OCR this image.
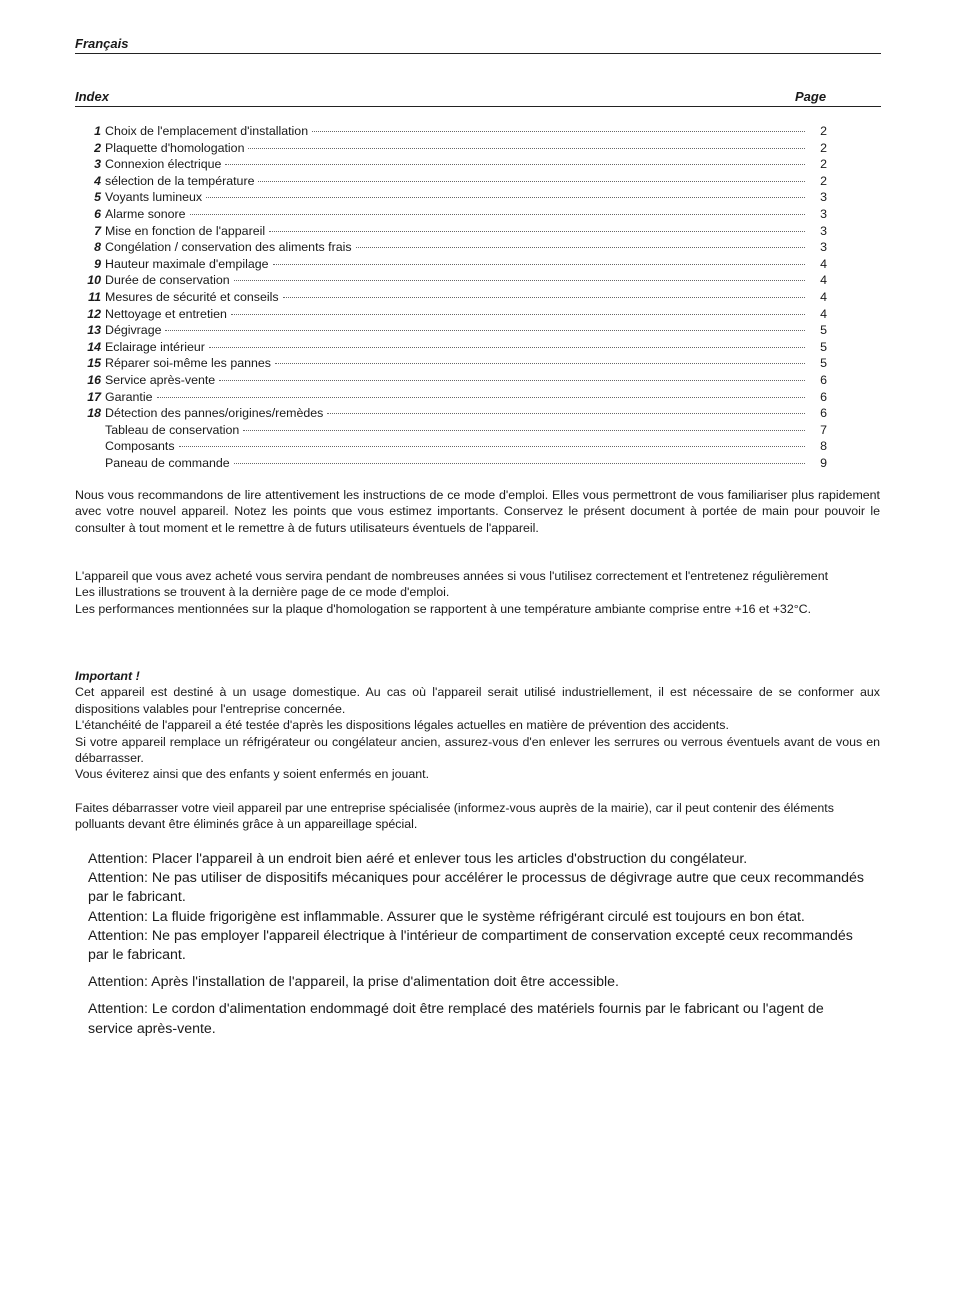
Français
Index	Page
1 Choix de l'emplacement d'installation	2
2 Plaquette d'homologation	2
3 Connexion électrique	2
4 sélection de la température	2
5 Voyants lumineux	3
6 Alarme sonore	3
7 Mise en fonction de l'appareil	3
8 Congélation / conservation des aliments frais	3
9 Hauteur maximale d'empilage	4
10 Durée de conservation	4
11 Mesures de sécurité et conseils	4
12 Nettoyage et entretien	4
13 Dégivrage	5
14 Eclairage intérieur	5
15 Réparer soi-même les pannes	5
16 Service après-vente	6
17 Garantie	6
18 Détection des pannes/origines/remèdes	6
Tableau de conservation	7
Composants	8
Paneau de commande	9

Nous vous recommandons de lire attentivement les instructions de ce mode d'emploi. Elles vous permettront de vous familiariser plus rapidement avec votre nouvel appareil. Notez les points que vous estimez importants. Conservez le présent document à portée de main pour pouvoir le consulter à tout moment et le remettre à de futurs utilisateurs éventuels de l'appareil.

L'appareil que vous avez acheté vous servira pendant de nombreuses années si vous l'utilisez correctement et l'entretenez régulièrement

Les illustrations se trouvent à la dernière page de ce mode d'emploi.

Les performances mentionnées sur la plaque d'homologation se rapportent à une température ambiante comprise entre +16 et +32°C.

Important !

Cet appareil est destiné à un usage domestique. Au cas où l'appareil serait utilisé industriellement, il est nécessaire de se conformer aux dispositions valables pour l'entreprise concernée.

L'étanchéité de l'appareil a été testée d'après les dispositions légales actuelles en matière de prévention des accidents.

Si votre appareil remplace un réfrigérateur ou congélateur ancien, assurez-vous d'en enlever les serrures ou verrous éventuels avant de vous en débarrasser.

Vous éviterez ainsi que des enfants y soient enfermés en jouant.

Faites débarrasser votre vieil appareil par une entreprise spécialisée (informez-vous auprès de la mairie), car il peut contenir des éléments polluants devant être éliminés grâce à un appareillage spécial.

Attention: Placer l'appareil à un endroit bien aéré et enlever tous les articles d'obstruction du congélateur.

Attention: Ne pas utiliser de dispositifs mécaniques pour accélérer le processus de dégivrage autre que ceux recommandés par le fabricant.

Attention: La fluide frigorigène est inflammable. Assurer que le système réfrigérant circulé est toujours en bon état.

Attention: Ne pas employer l'appareil électrique à l'intérieur de compartiment de conservation excepté ceux recommandés par le fabricant.

Attention: Après l'installation de l'appareil, la prise d'alimentation doit être accessible.

Attention: Le cordon d'alimentation endommagé doit être remplacé des matériels fournis par le fabricant ou l'agent de service après-vente.
